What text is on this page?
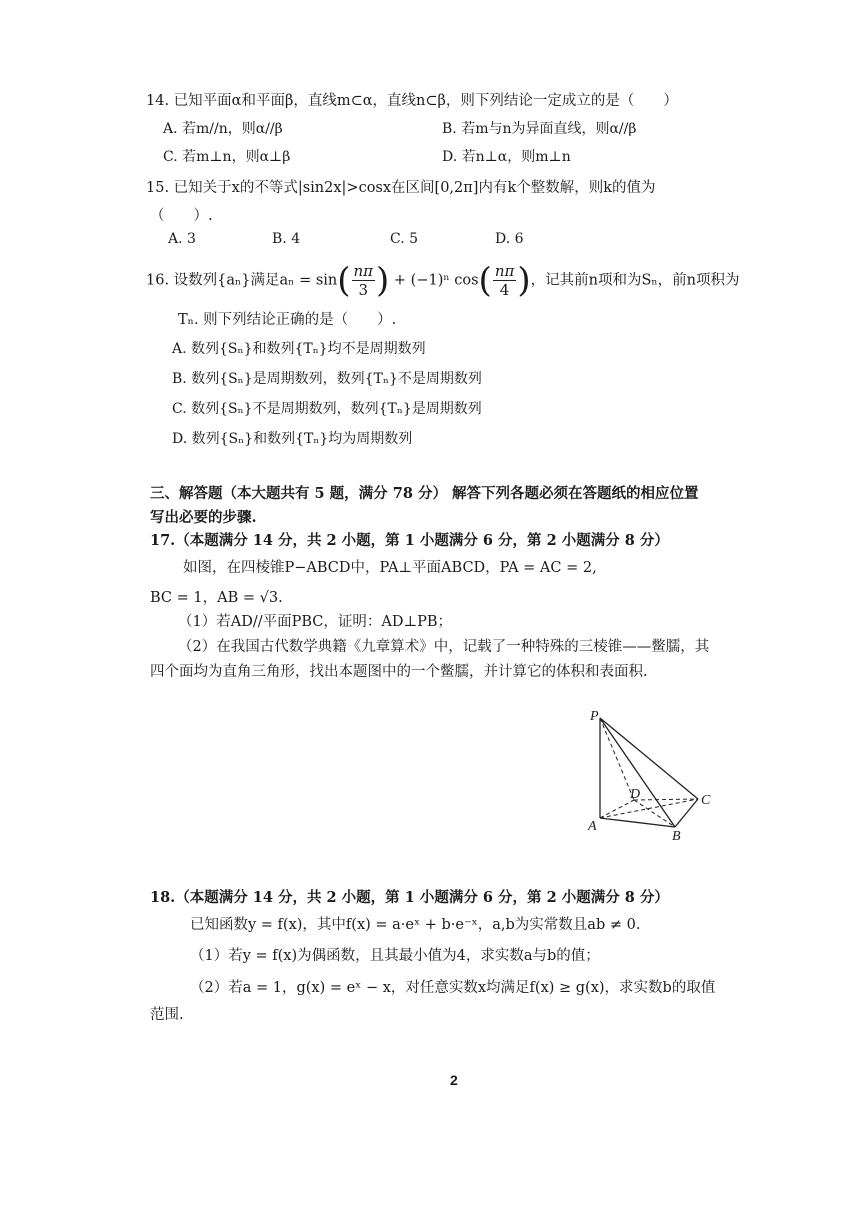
14. 已知平面α和平面β，直线m⊂α，直线n⊂β，则下列结论一定成立的是（　　）
A. 若m//n，则α//β	B. 若m与n为异面直线，则α//β
C. 若m⊥n，则α⊥β	D. 若n⊥α，则m⊥n
15. 已知关于x的不等式|sin2x|>cosx在区间[0,2π]内有k个整数解，则k的值为
（　　）.
A. 3	B. 4	C. 5	D. 6
16. 设数列{aₙ}满足$a_n = \sin( \frac{n\pi}{3}$ ) + (−1)ⁿ $\cos( \frac{n\pi}{4}$ )，记其前n项和为Sₙ，前n项积为
Tₙ. 则下列结论正确的是（　　）.
A. 数列{Sₙ}和数列{Tₙ}均不是周期数列
B. 数列{Sₙ}是周期数列，数列{Tₙ}不是周期数列
C. 数列{Sₙ}不是周期数列，数列{Tₙ}是周期数列
D. 数列{Sₙ}和数列{Tₙ}均为周期数列
三、解答题（本大题共有 5 题，满分 78 分） 解答下列各题必须在答题纸的相应位置
写出必要的步骤.
17.（本题满分 14 分，共 2 小题，第 1 小题满分 6 分，第 2 小题满分 8 分）
如图，在四棱锥P−ABCD中，PA⊥平面ABCD，PA = AC = 2,
BC = 1，AB = √3.
（1）若AD//平面PBC，证明：AD⊥PB；
（2）在我国古代数学典籍《九章算术》中，记载了一种特殊的三棱锥——鳖臑，其
四个面均为直角三角形，找出本题图中的一个鳖臑，并计算它的体积和表面积.
P
A
B
C
D
18.（本题满分 14 分，共 2 小题，第 1 小题满分 6 分，第 2 小题满分 8 分）
已知函数y = f(x)，其中f(x) = a·eˣ + b·e⁻ˣ，a,b为实常数且ab ≠ 0.
（1）若y = f(x)为偶函数，且其最小值为4，求实数a与b的值；
（2）若a = 1，g(x) = eˣ − x，对任意实数x均满足f(x) ≥ g(x)，求实数b的取值
范围.
2
